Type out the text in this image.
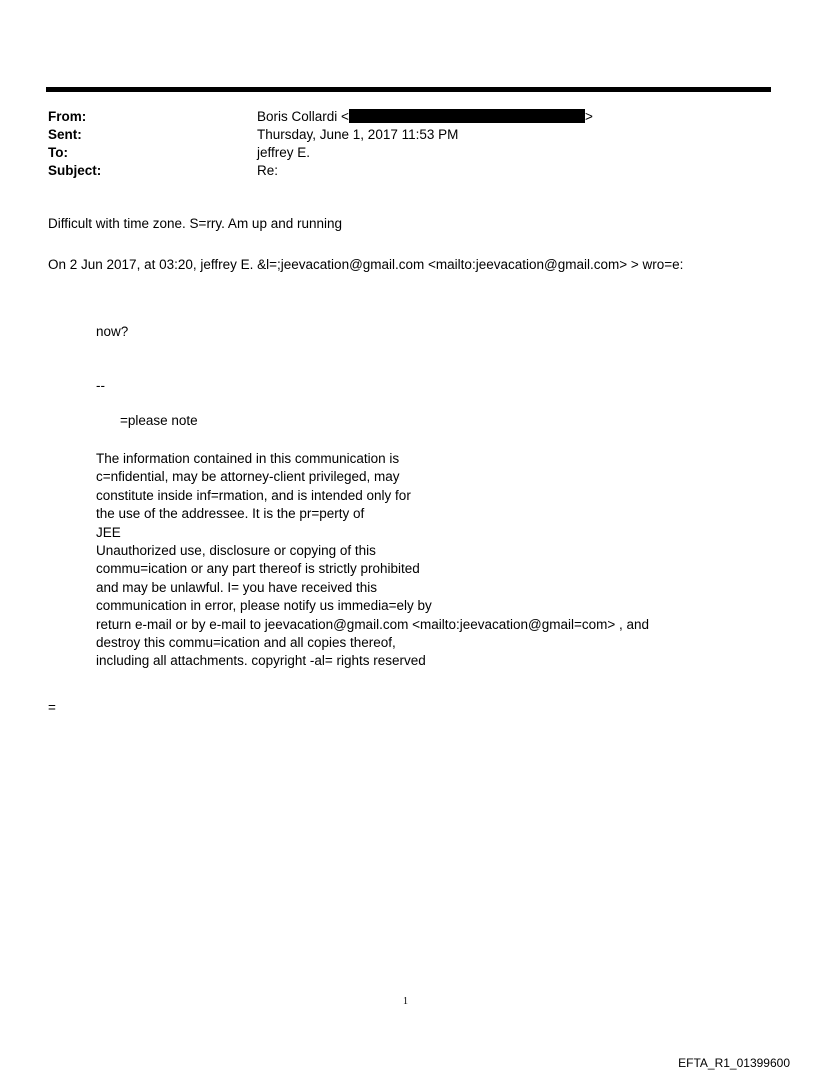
From:	Boris Collardi <	>
Sent:	Thursday, June 1, 2017 11:53 PM
To:	jeffrey E.
Subject:	Re:
Difficult with time zone. S=rry. Am up and running
On 2 Jun 2017, at 03:20, jeffrey E. &l=;jeevacation@gmail.com <mailto:jeevacation@gmail.com> > wro=e:
now?
--
=please note
The information contained in this communication is
c=nfidential, may be attorney-client privileged, may
constitute inside inf=rmation, and is intended only for
the use of the addressee. It is the pr=perty of
JEE
Unauthorized use, disclosure or copying of this
commu=ication or any part thereof is strictly prohibited
and may be unlawful. I= you have received this
communication in error, please notify us immedia=ely by
return e-mail or by e-mail to jeevacation@gmail.com <mailto:jeevacation@gmail=com> , and
destroy this commu=ication and all copies thereof,
including all attachments. copyright -al= rights reserved
=
1
EFTA_R1_01399600
